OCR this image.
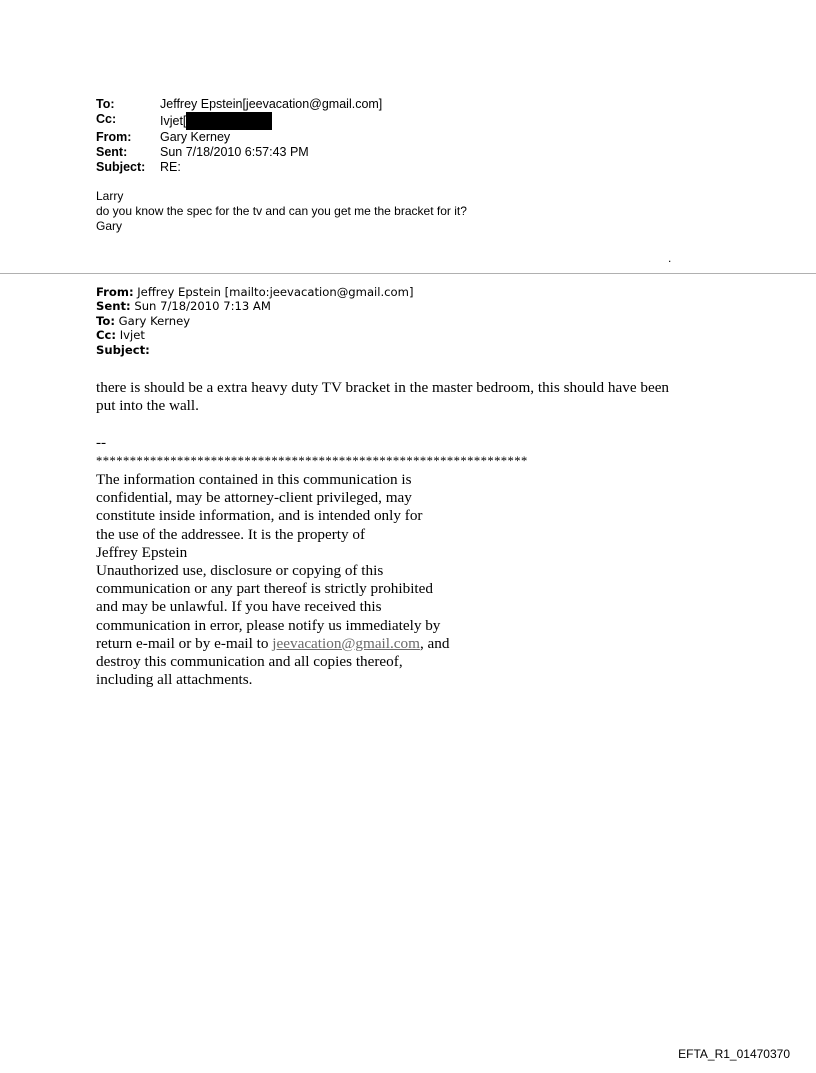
To:	Jeffrey Epstein[jeevacation@gmail.com]
Cc:	Ivjet[
From:	Gary Kerney
Sent:	Sun 7/18/2010 6:57:43 PM
Subject:	RE:
Larry
do you know the spec for the tv and can you get me the bracket for it?
Gary
.
From: Jeffrey Epstein [mailto:jeevacation@gmail.com]
Sent: Sun 7/18/2010 7:13 AM
To: Gary Kerney
Cc: Ivjet
Subject:
there is should be a extra heavy duty TV bracket in the master bedroom, this should have been
put into the wall.
--
****************************************************************
The information contained in this communication is
confidential, may be attorney-client privileged, may
constitute inside information, and is intended only for
the use of the addressee. It is the property of
Jeffrey Epstein
Unauthorized use, disclosure or copying of this
communication or any part thereof is strictly prohibited
and may be unlawful. If you have received this
communication in error, please notify us immediately by
return e-mail or by e-mail to jeevacation@gmail.com, and
destroy this communication and all copies thereof,
including all attachments.
EFTA_R1_01470370
